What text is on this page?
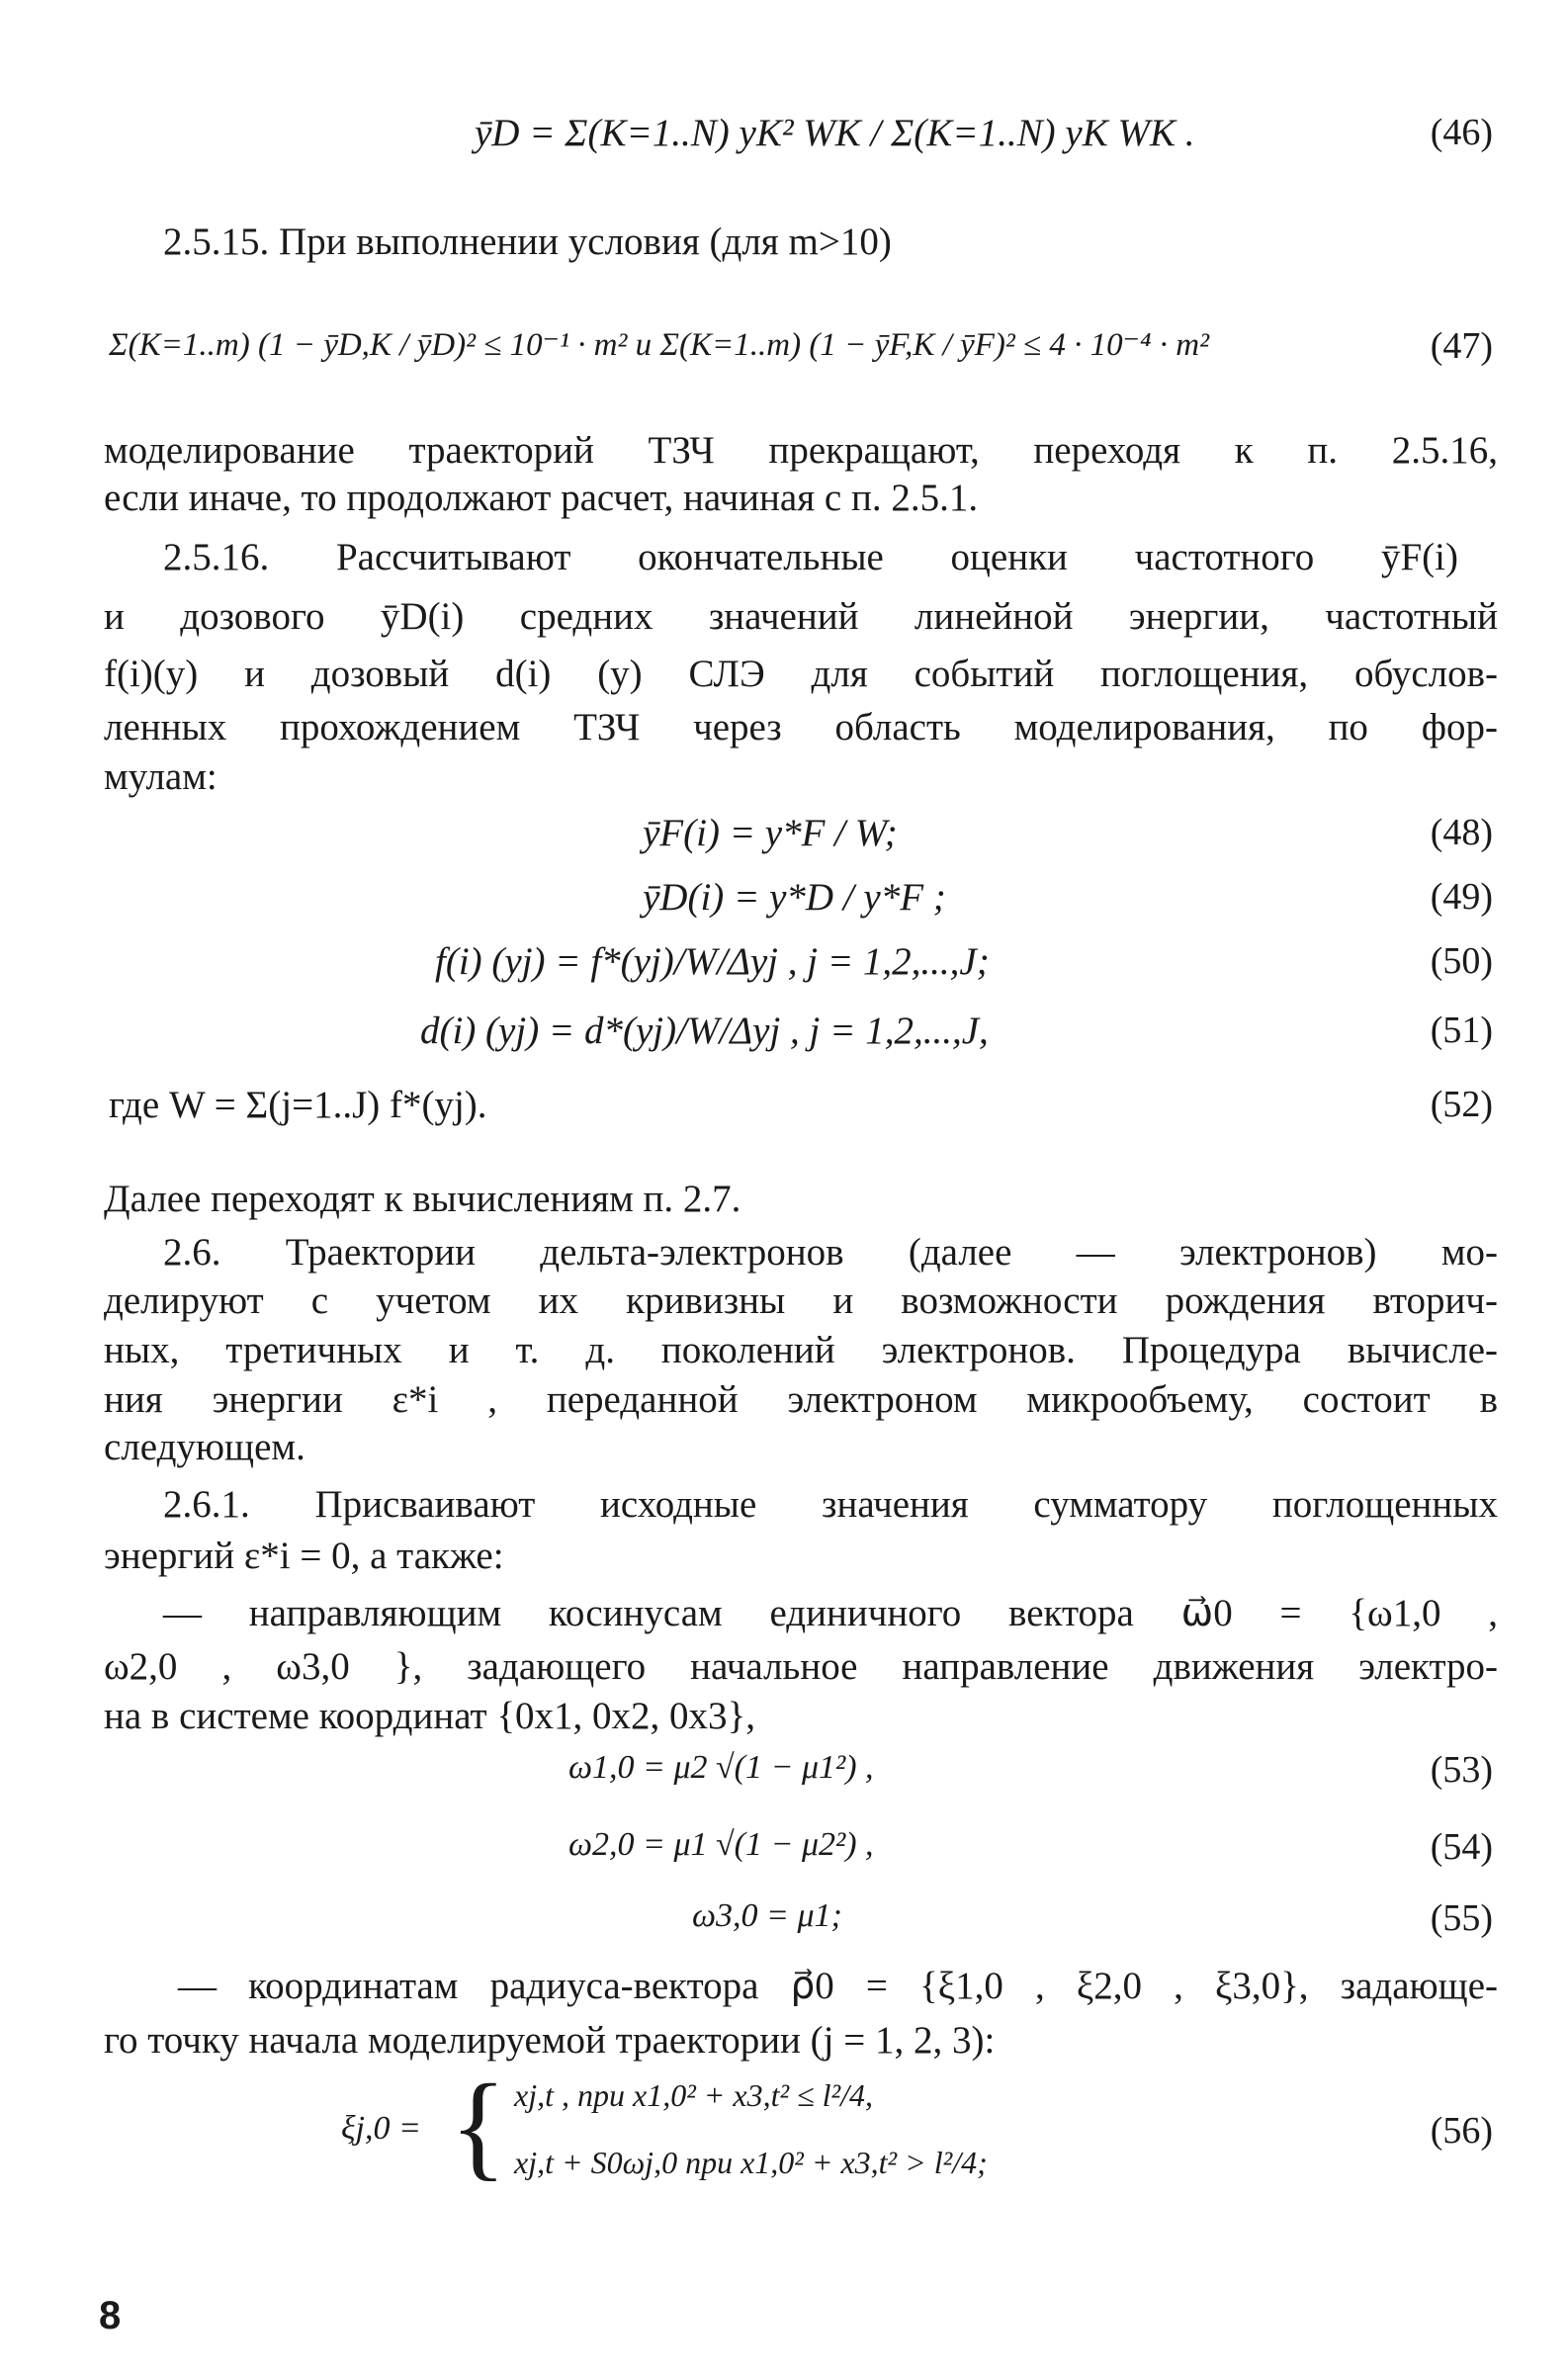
ȳD = Σ(K=1..N) yK² WK / Σ(K=1..N) yK WK .	(46)
2.5.15. При выполнении условия (для m>10)
Σ(K=1..m) (1 − ȳD,K / ȳD)² ≤ 10⁻¹ · m² и Σ(K=1..m) (1 − ȳF,K / ȳF)² ≤ 4 · 10⁻⁴ · m²	(47)
моделирование траекторий ТЗЧ прекращают, переходя к п. 2.5.16,
если иначе, то продолжают расчет, начиная с п. 2.5.1.
2.5.16. Рассчитывают окончательные оценки частотного ȳF(i)
и дозового ȳD(i) средних значений линейной энергии, частотный
f(i)(y) и дозовый d(i) (y) СЛЭ для событий поглощения, обуслов-
ленных прохождением ТЗЧ через область моделирования, по фор-
мулам:
ȳF(i) = y*F / W;	(48)
ȳD(i) = y*D / y*F ;	(49)
f(i) (yj) = f*(yj)/W/Δyj , j = 1,2,...,J;	(50)
d(i) (yj) = d*(yj)/W/Δyj , j = 1,2,...,J,	(51)
где W = Σ(j=1..J) f*(yj).	(52)
Далее переходят к вычислениям п. 2.7.
2.6. Траектории дельта-электронов (далее — электронов) мо-
делируют с учетом их кривизны и возможности рождения вторич-
ных, третичных и т. д. поколений электронов. Процедура вычисле-
ния энергии ε*i , переданной электроном микрообъему, состоит в
следующем.
2.6.1. Присваивают исходные значения сумматору поглощенных
энергий ε*i = 0, а также:
— направляющим косинусам единичного вектора ω⃗0 = {ω1,0 ,
ω2,0 , ω3,0 }, задающего начальное направление движения электро-
на в системе координат {0x1, 0x2, 0x3},
ω1,0 = μ2 √(1 − μ1²) ,	(53)
ω2,0 = μ1 √(1 − μ2²) ,	(54)
ω3,0 = μ1;	(55)
— координатам радиуса-вектора ρ⃗0 = {ξ1,0 , ξ2,0 , ξ3,0}, задающе-
го точку начала моделируемой траектории (j = 1, 2, 3):
ξj,0 = { xj,t , при x1,0² + x3,t² ≤ l²/4,
xj,t + S0ωj,0 при x1,0² + x3,t² > l²/4;
(56)
8
